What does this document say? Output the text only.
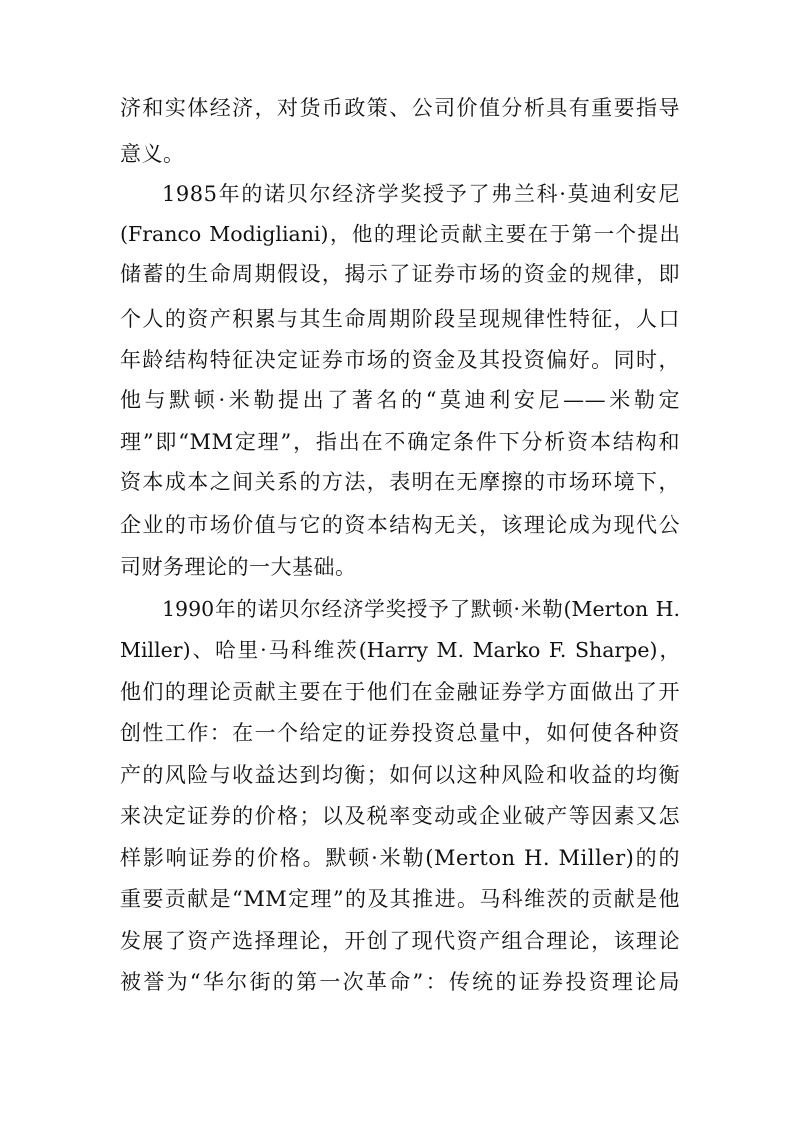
济和实体经济，对货币政策、公司价值分析具有重要指导
意义。
1985年的诺贝尔经济学奖授予了弗兰科·莫迪利安尼
(Franco Modigliani)，他的理论贡献主要在于第一个提出
储蓄的生命周期假设，揭示了证券市场的资金的规律，即
个人的资产积累与其生命周期阶段呈现规律性特征，人口
年龄结构特征决定证券市场的资金及其投资偏好。同时，
他与默顿·米勒提出了著名的“莫迪利安尼——米勒定
理”即“MM定理”，指出在不确定条件下分析资本结构和
资本成本之间关系的方法，表明在无摩擦的市场环境下，
企业的市场价值与它的资本结构无关，该理论成为现代公
司财务理论的一大基础。
1990年的诺贝尔经济学奖授予了默顿·米勒(Merton H.
Miller)、哈里·马科维茨(Harry M. Marko F. Sharpe)，
他们的理论贡献主要在于他们在金融证券学方面做出了开
创性工作：在一个给定的证券投资总量中，如何使各种资
产的风险与收益达到均衡；如何以这种风险和收益的均衡
来决定证券的价格；以及税率变动或企业破产等因素又怎
样影响证券的价格。默顿·米勒(Merton H. Miller)的的
重要贡献是“MM定理”的及其推进。马科维茨的贡献是他
发展了资产选择理论，开创了现代资产组合理论，该理论
被誉为“华尔街的第一次革命”：传统的证券投资理论局
